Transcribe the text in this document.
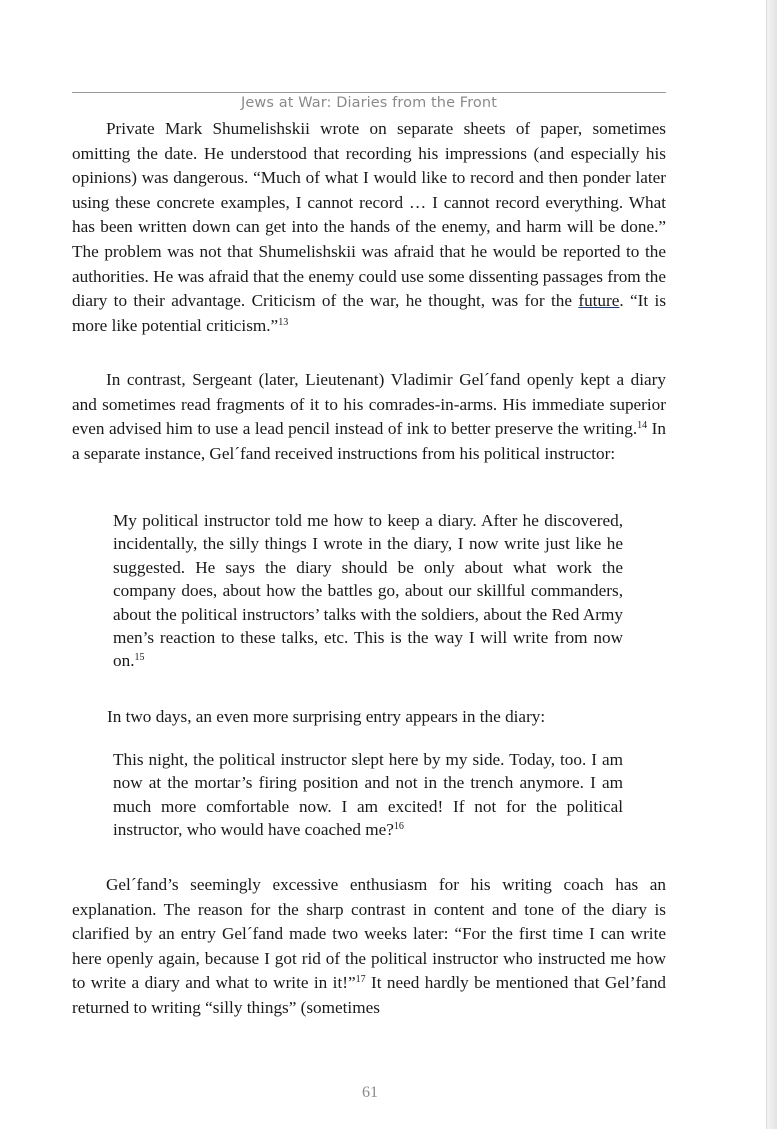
Jews at War: Diaries from the Front

Private Mark Shumelishskii wrote on separate sheets of paper, sometimes omitting the date. He understood that recording his impressions (and especially his opinions) was dangerous. “Much of what I would like to record and then ponder later using these concrete examples, I cannot record … I cannot record everything. What has been written down can get into the hands of the enemy, and harm will be done.” The problem was not that Shumelishskii was afraid that he would be reported to the authorities. He was afraid that the enemy could use some dissenting passages from the diary to their advantage. Criticism of the war, he thought, was for the future. “It is more like potential criticism.”$^{13}$

In contrast, Sergeant (later, Lieutenant) Vladimir Gel´fand openly kept a diary and sometimes read fragments of it to his comrades-in-arms. His immediate superior even advised him to use a lead pencil instead of ink to better preserve the writing.$^{14}$ In a separate instance, Gel´fand received instructions from his political instructor:

My political instructor told me how to keep a diary. After he discovered, incidentally, the silly things I wrote in the diary, I now write just like he suggested. He says the diary should be only about what work the company does, about how the battles go, about our skillful commanders, about the political instructors’ talks with the soldiers, about the Red Army men’s reaction to these talks, etc. This is the way I will write from now on.$^{15}$

In two days, an even more surprising entry appears in the diary:

This night, the political instructor slept here by my side. Today, too. I am now at the mortar’s firing position and not in the trench anymore. I am much more comfortable now. I am excited! If not for the political instructor, who would have coached me?$^{16}$

Gel´fand’s seemingly excessive enthusiasm for his writing coach has an explanation. The reason for the sharp contrast in content and tone of the diary is clarified by an entry Gel´fand made two weeks later: “For the first time I can write here openly again, because I got rid of the political instructor who instructed me how to write a diary and what to write in it!”$^{17}$ It need hardly be mentioned that Gel’fand returned to writing “silly things” (sometimes

61
